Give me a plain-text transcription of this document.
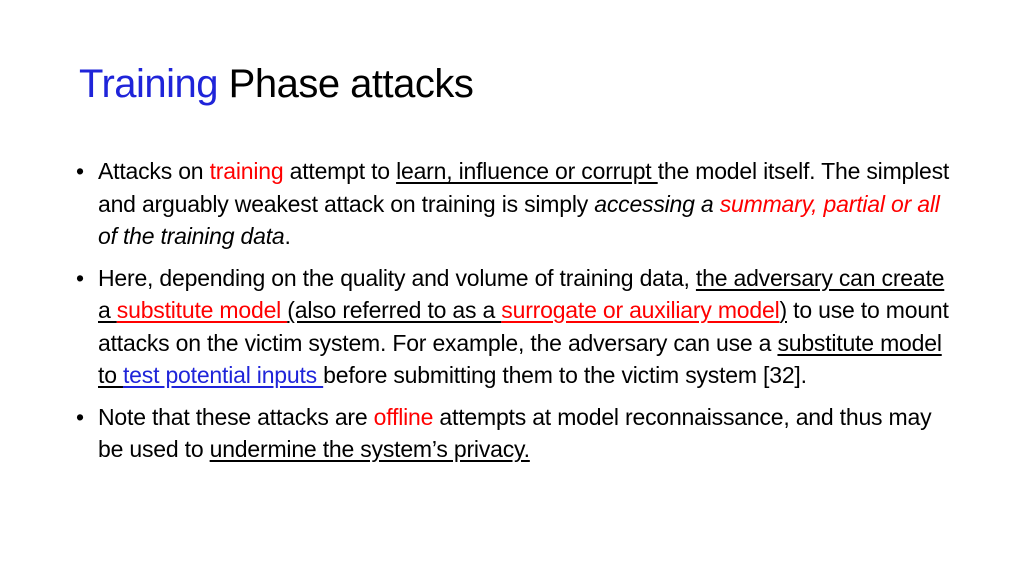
Training Phase attacks
• Attacks on training attempt to learn, influence or corrupt the model itself. The simplest and arguably weakest attack on training is simply accessing a summary, partial or all of the training data.
• Here, depending on the quality and volume of training data, the adversary can create a substitute model (also referred to as a surrogate or auxiliary model) to use to mount attacks on the victim system. For example, the adversary can use a substitute model to test potential inputs before submitting them to the victim system [32].
• Note that these attacks are offline attempts at model reconnaissance, and thus may be used to undermine the system’s privacy.
